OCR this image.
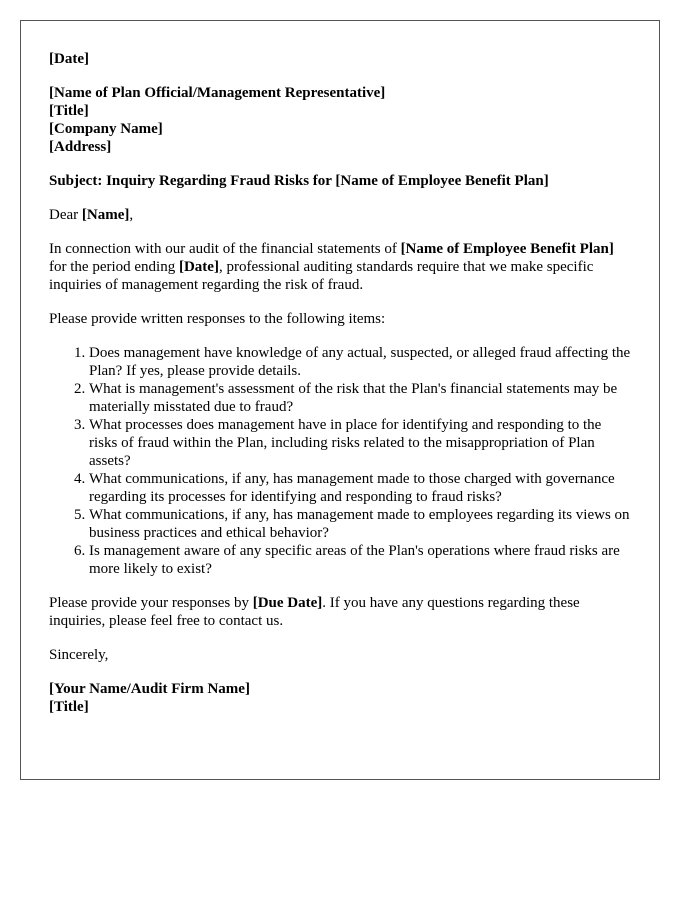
[Date]

[Name of Plan Official/Management Representative]
[Title]
[Company Name]
[Address]

Subject: Inquiry Regarding Fraud Risks for [Name of Employee Benefit Plan]

Dear [Name],

In connection with our audit of the financial statements of [Name of Employee Benefit Plan] for the period ending [Date], professional auditing standards require that we make specific inquiries of management regarding the risk of fraud.

Please provide written responses to the following items:

1. Does management have knowledge of any actual, suspected, or alleged fraud affecting the Plan? If yes, please provide details.
2. What is management's assessment of the risk that the Plan's financial statements may be materially misstated due to fraud?
3. What processes does management have in place for identifying and responding to the risks of fraud within the Plan, including risks related to the misappropriation of Plan assets?
4. What communications, if any, has management made to those charged with governance regarding its processes for identifying and responding to fraud risks?
5. What communications, if any, has management made to employees regarding its views on business practices and ethical behavior?
6. Is management aware of any specific areas of the Plan's operations where fraud risks are more likely to exist?

Please provide your responses by [Due Date]. If you have any questions regarding these inquiries, please feel free to contact us.

Sincerely,

[Your Name/Audit Firm Name]
[Title]
